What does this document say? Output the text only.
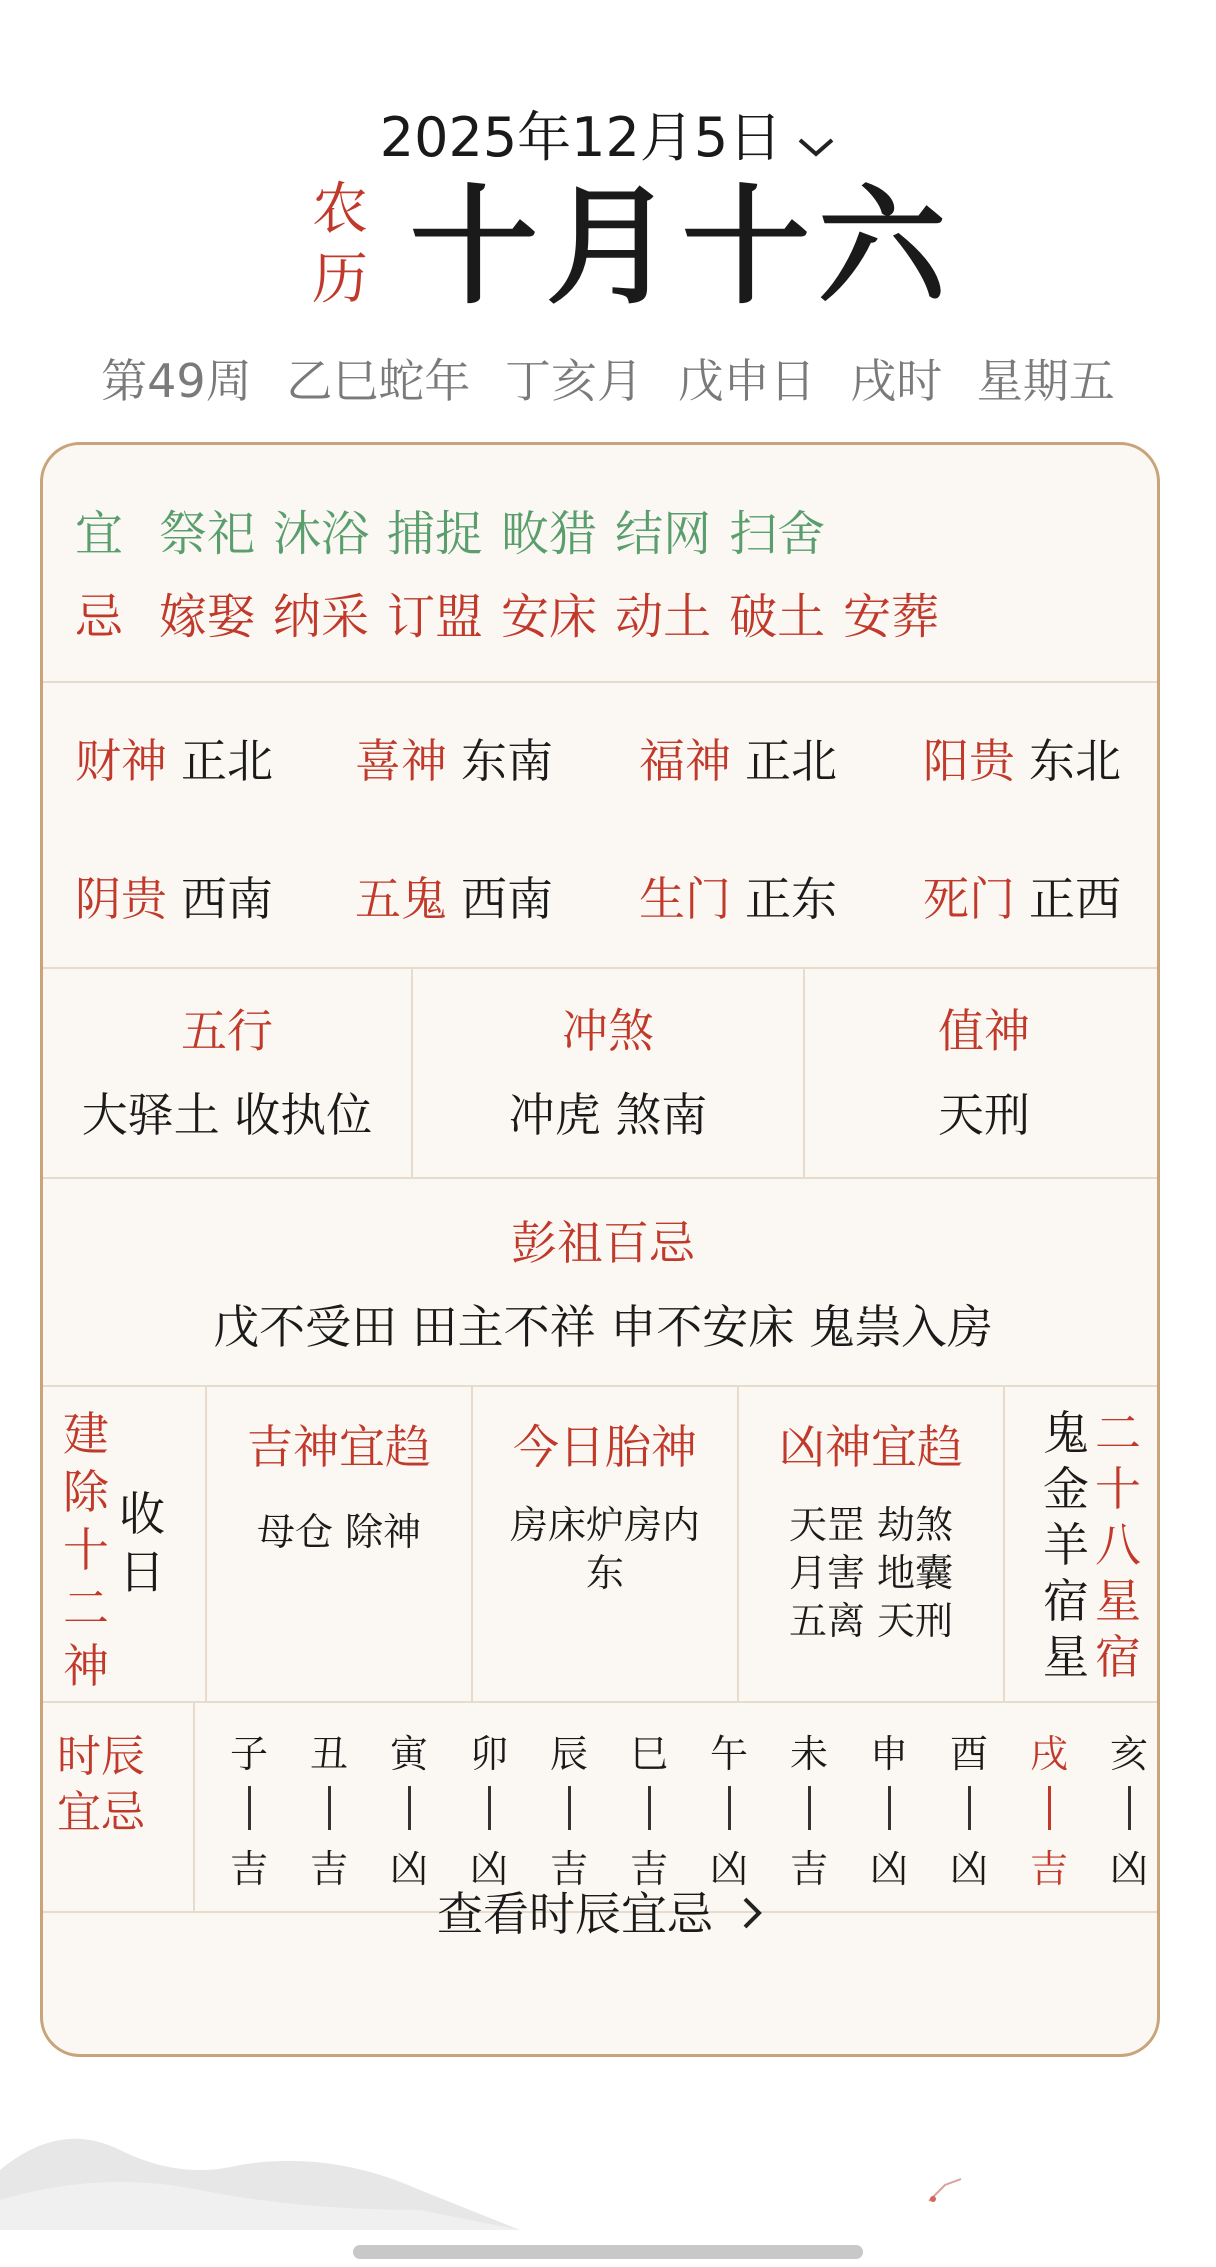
2025年12月5日
农
历 十月十六
第49周 乙巳蛇年 丁亥月 戊申日 戌时 星期五
宜 祭祀 沐浴 捕捉 畋猎 结网 扫舍
忌 嫁娶 纳采 订盟 安床 动土 破土 安葬
财神 正北 喜神 东南 福神 正北 阳贵 东北
阴贵 西南 五鬼 西南 生门 正东 死门 正西
五行
大驿土 收执位
冲煞
冲虎 煞南
值神
天刑
彭祖百忌
戊不受田 田主不祥 申不安床 鬼祟入房
建除十二神
收日
吉神宜趋
母仓 除神
今日胎神
房床炉房内
东
凶神宜趋
天罡 劫煞
月害 地囊
五离 天刑
鬼金羊宿星
二十八星宿
时辰
宜忌
子
吉
丑
吉
寅
凶
卯
凶
辰
吉
巳
吉
午
凶
未
吉
申
凶
酉
凶
戌
吉
亥
凶
查看时辰宜忌
